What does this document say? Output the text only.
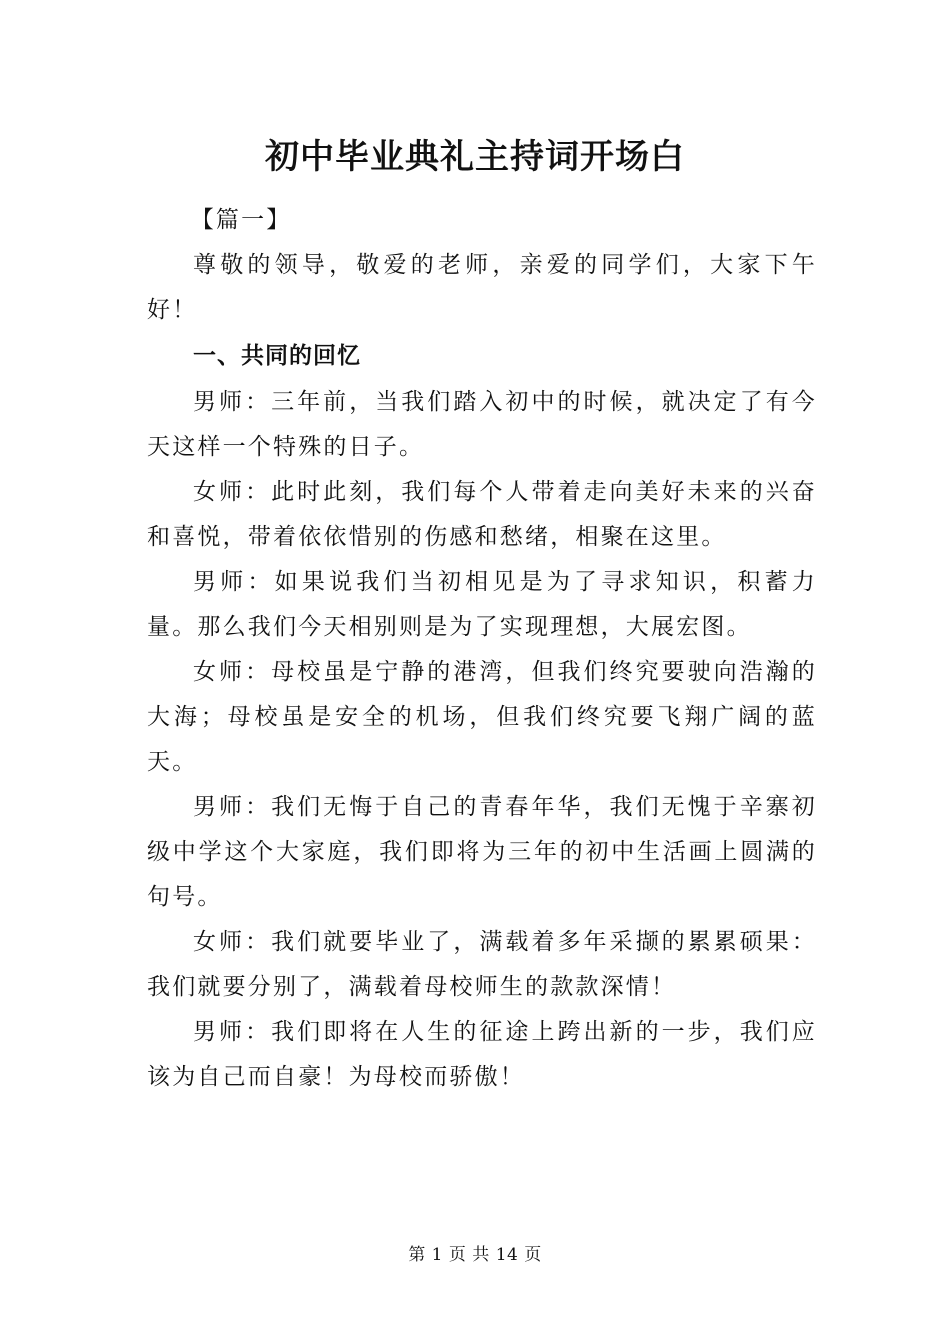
初中毕业典礼主持词开场白

【篇一】

尊敬的领导，敬爱的老师，亲爱的同学们，大家下午好！

一、共同的回忆

男师：三年前，当我们踏入初中的时候，就决定了有今天这样一个特殊的日子。

女师：此时此刻，我们每个人带着走向美好未来的兴奋和喜悦，带着依依惜别的伤感和愁绪，相聚在这里。

男师：如果说我们当初相见是为了寻求知识，积蓄力量。那么我们今天相别则是为了实现理想，大展宏图。

女师：母校虽是宁静的港湾，但我们终究要驶向浩瀚的大海；母校虽是安全的机场，但我们终究要飞翔广阔的蓝天。

男师：我们无悔于自己的青春年华，我们无愧于辛寨初级中学这个大家庭，我们即将为三年的初中生活画上圆满的句号。

女师：我们就要毕业了，满载着多年采撷的累累硕果：我们就要分别了，满载着母校师生的款款深情！

男师：我们即将在人生的征途上跨出新的一步，我们应该为自己而自豪！为母校而骄傲！

第 1 页 共 14 页
